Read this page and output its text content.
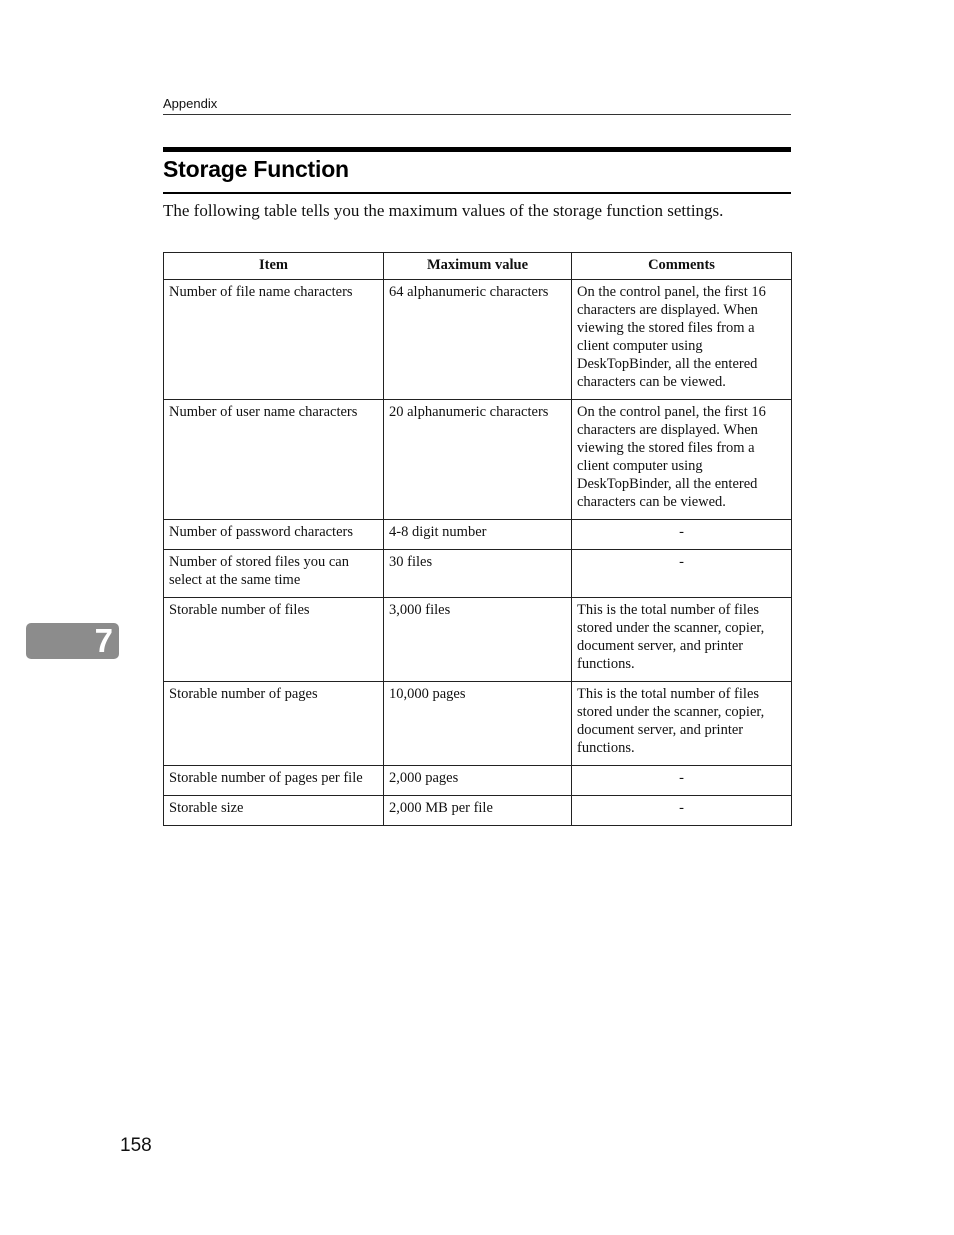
Appendix
Storage Function

The following table tells you the maximum values of the storage function settings.

Item	Maximum value	Comments
Number of file name characters	64 alphanumeric characters	On the control panel, the first 16 characters are displayed. When viewing the stored files from a client computer using DeskTopBinder, all the entered characters can be viewed.
Number of user name characters	20 alphanumeric characters	On the control panel, the first 16 characters are displayed. When viewing the stored files from a client computer using DeskTopBinder, all the entered characters can be viewed.
Number of password characters	4-8 digit number	-
Number of stored files you can select at the same time	30 files	-
Storable number of files	3,000 files	This is the total number of files stored under the scanner, copier, document server, and printer functions.
Storable number of pages	10,000 pages	This is the total number of files stored under the scanner, copier, document server, and printer functions.
Storable number of pages per file	2,000 pages	-
Storable size	2,000 MB per file	-
7
158
